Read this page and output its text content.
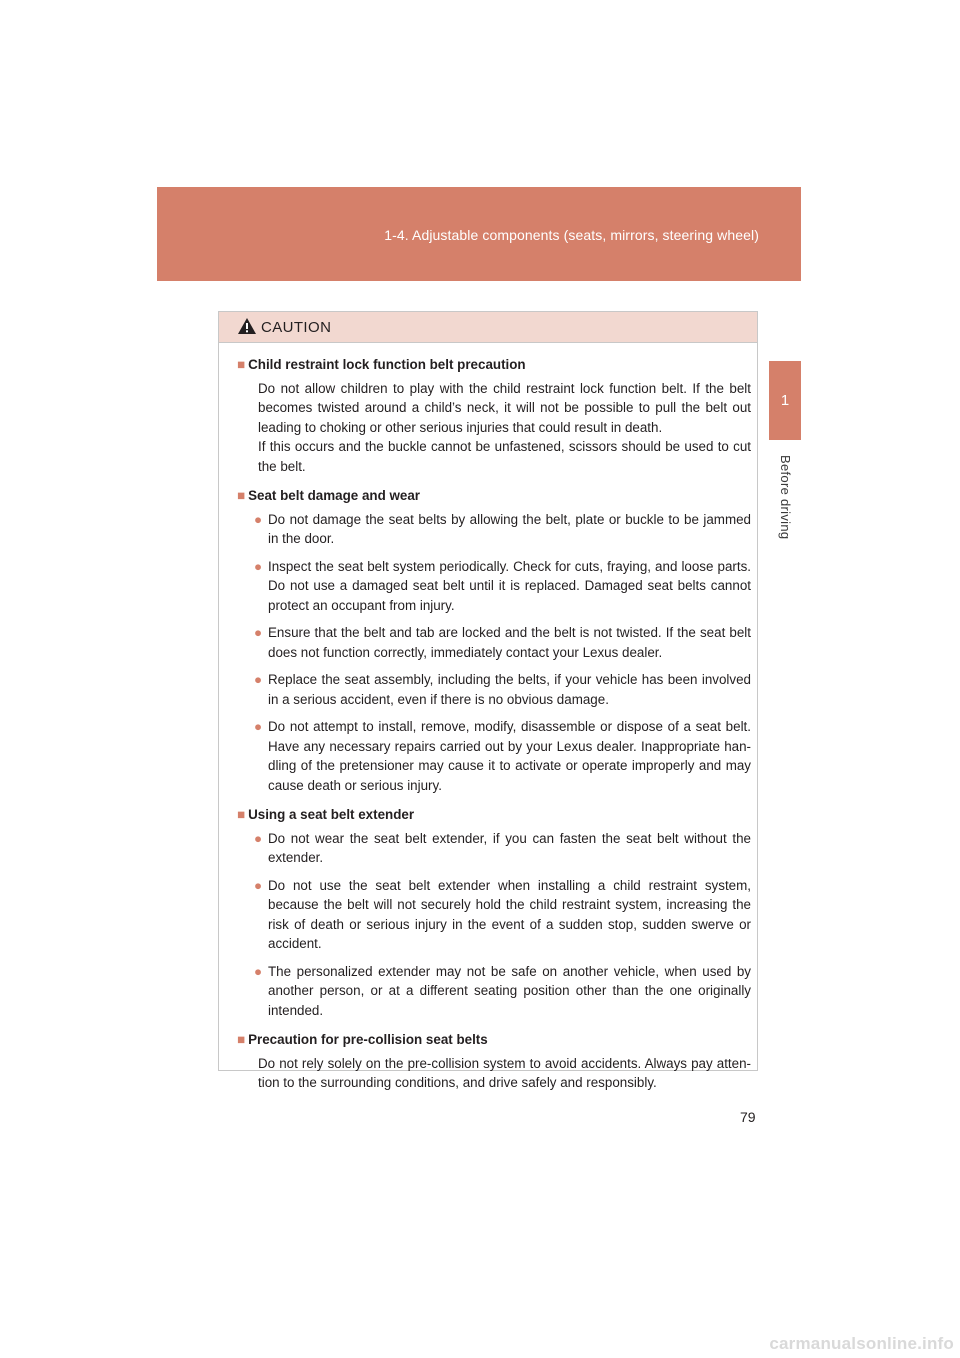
1-4. Adjustable components (seats, mirrors, steering wheel)
1
Before driving
CAUTION
■ Child restraint lock function belt precaution
Do not allow children to play with the child restraint lock function belt. If the belt becomes twisted around a child’s neck, it will not be possible to pull the belt out leading to choking or other serious injuries that could result in death.
If this occurs and the buckle cannot be unfastened, scissors should be used to cut the belt.
■ Seat belt damage and wear
● Do not damage the seat belts by allowing the belt, plate or buckle to be jammed in the door.
● Inspect the seat belt system periodically. Check for cuts, fraying, and loose parts. Do not use a damaged seat belt until it is replaced. Damaged seat belts cannot protect an occupant from injury.
● Ensure that the belt and tab are locked and the belt is not twisted. If the seat belt does not function correctly, immediately contact your Lexus dealer.
● Replace the seat assembly, including the belts, if your vehicle has been involved in a serious accident, even if there is no obvious damage.
● Do not attempt to install, remove, modify, disassemble or dispose of a seat belt. Have any necessary repairs carried out by your Lexus dealer. Inappropriate han- dling of the pretensioner may cause it to activate or operate improperly and may cause death or serious injury.
■ Using a seat belt extender
● Do not wear the seat belt extender, if you can fasten the seat belt without the extender.
● Do not use the seat belt extender when installing a child restraint system, because the belt will not securely hold the child restraint system, increasing the risk of death or serious injury in the event of a sudden stop, sudden swerve or accident.
● The personalized extender may not be safe on another vehicle, when used by another person, or at a different seating position other than the one originally intended.
■ Precaution for pre-collision seat belts
Do not rely solely on the pre-collision system to avoid accidents. Always pay atten- tion to the surrounding conditions, and drive safely and responsibly.
79
carmanualsonline.info
